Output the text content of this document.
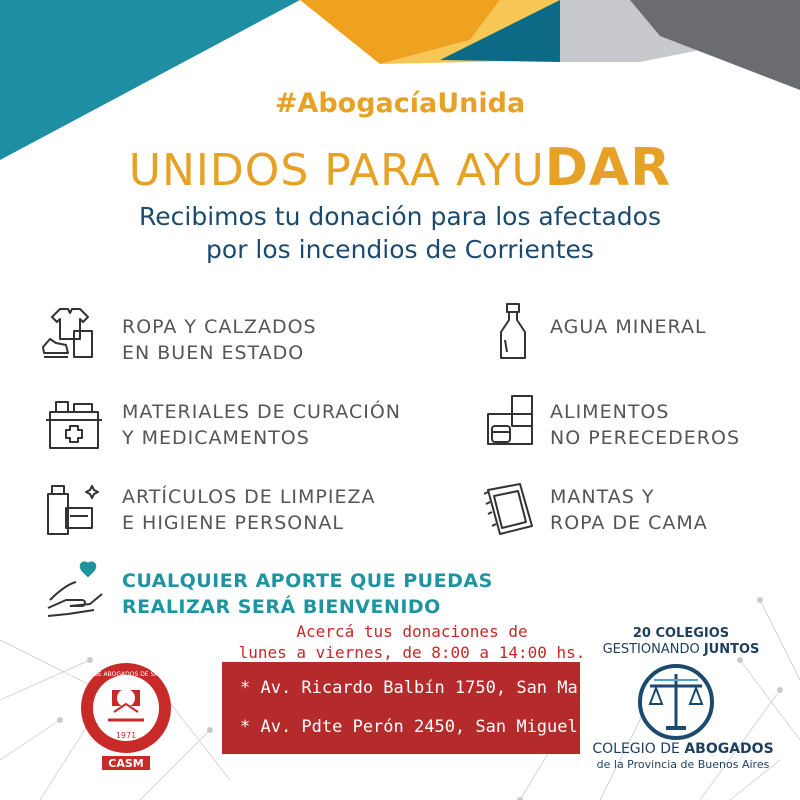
#AbogacíaUnida
UNIDOS PARA AYUDAR
Recibimos tu donación para los afectados
por los incendios de Corrientes
ROPA Y CALZADOS
EN BUEN ESTADO
AGUA MINERAL
MATERIALES DE CURACIÓN
Y MEDICAMENTOS
ALIMENTOS
NO PERECEDEROS
ARTÍCULOS DE LIMPIEZA
E HIGIENE PERSONAL
MANTAS Y
ROPA DE CAMA
CUALQUIER APORTE QUE PUEDAS
REALIZAR SERÁ BIENVENIDO
Acercá tus donaciones de
lunes a viernes, de 8:00 a 14:00 hs.
* Av. Ricardo Balbín 1750, San Martín
* Av. Pdte Perón 2450, San Miguel
COLEGIO DE ABOGADOS DE SAN MARTÍN
1971
CASM
20 COLEGIOS
GESTIONANDO JUNTOS
COLEGIO DE ABOGADOS
de la Provincia de Buenos Aires
